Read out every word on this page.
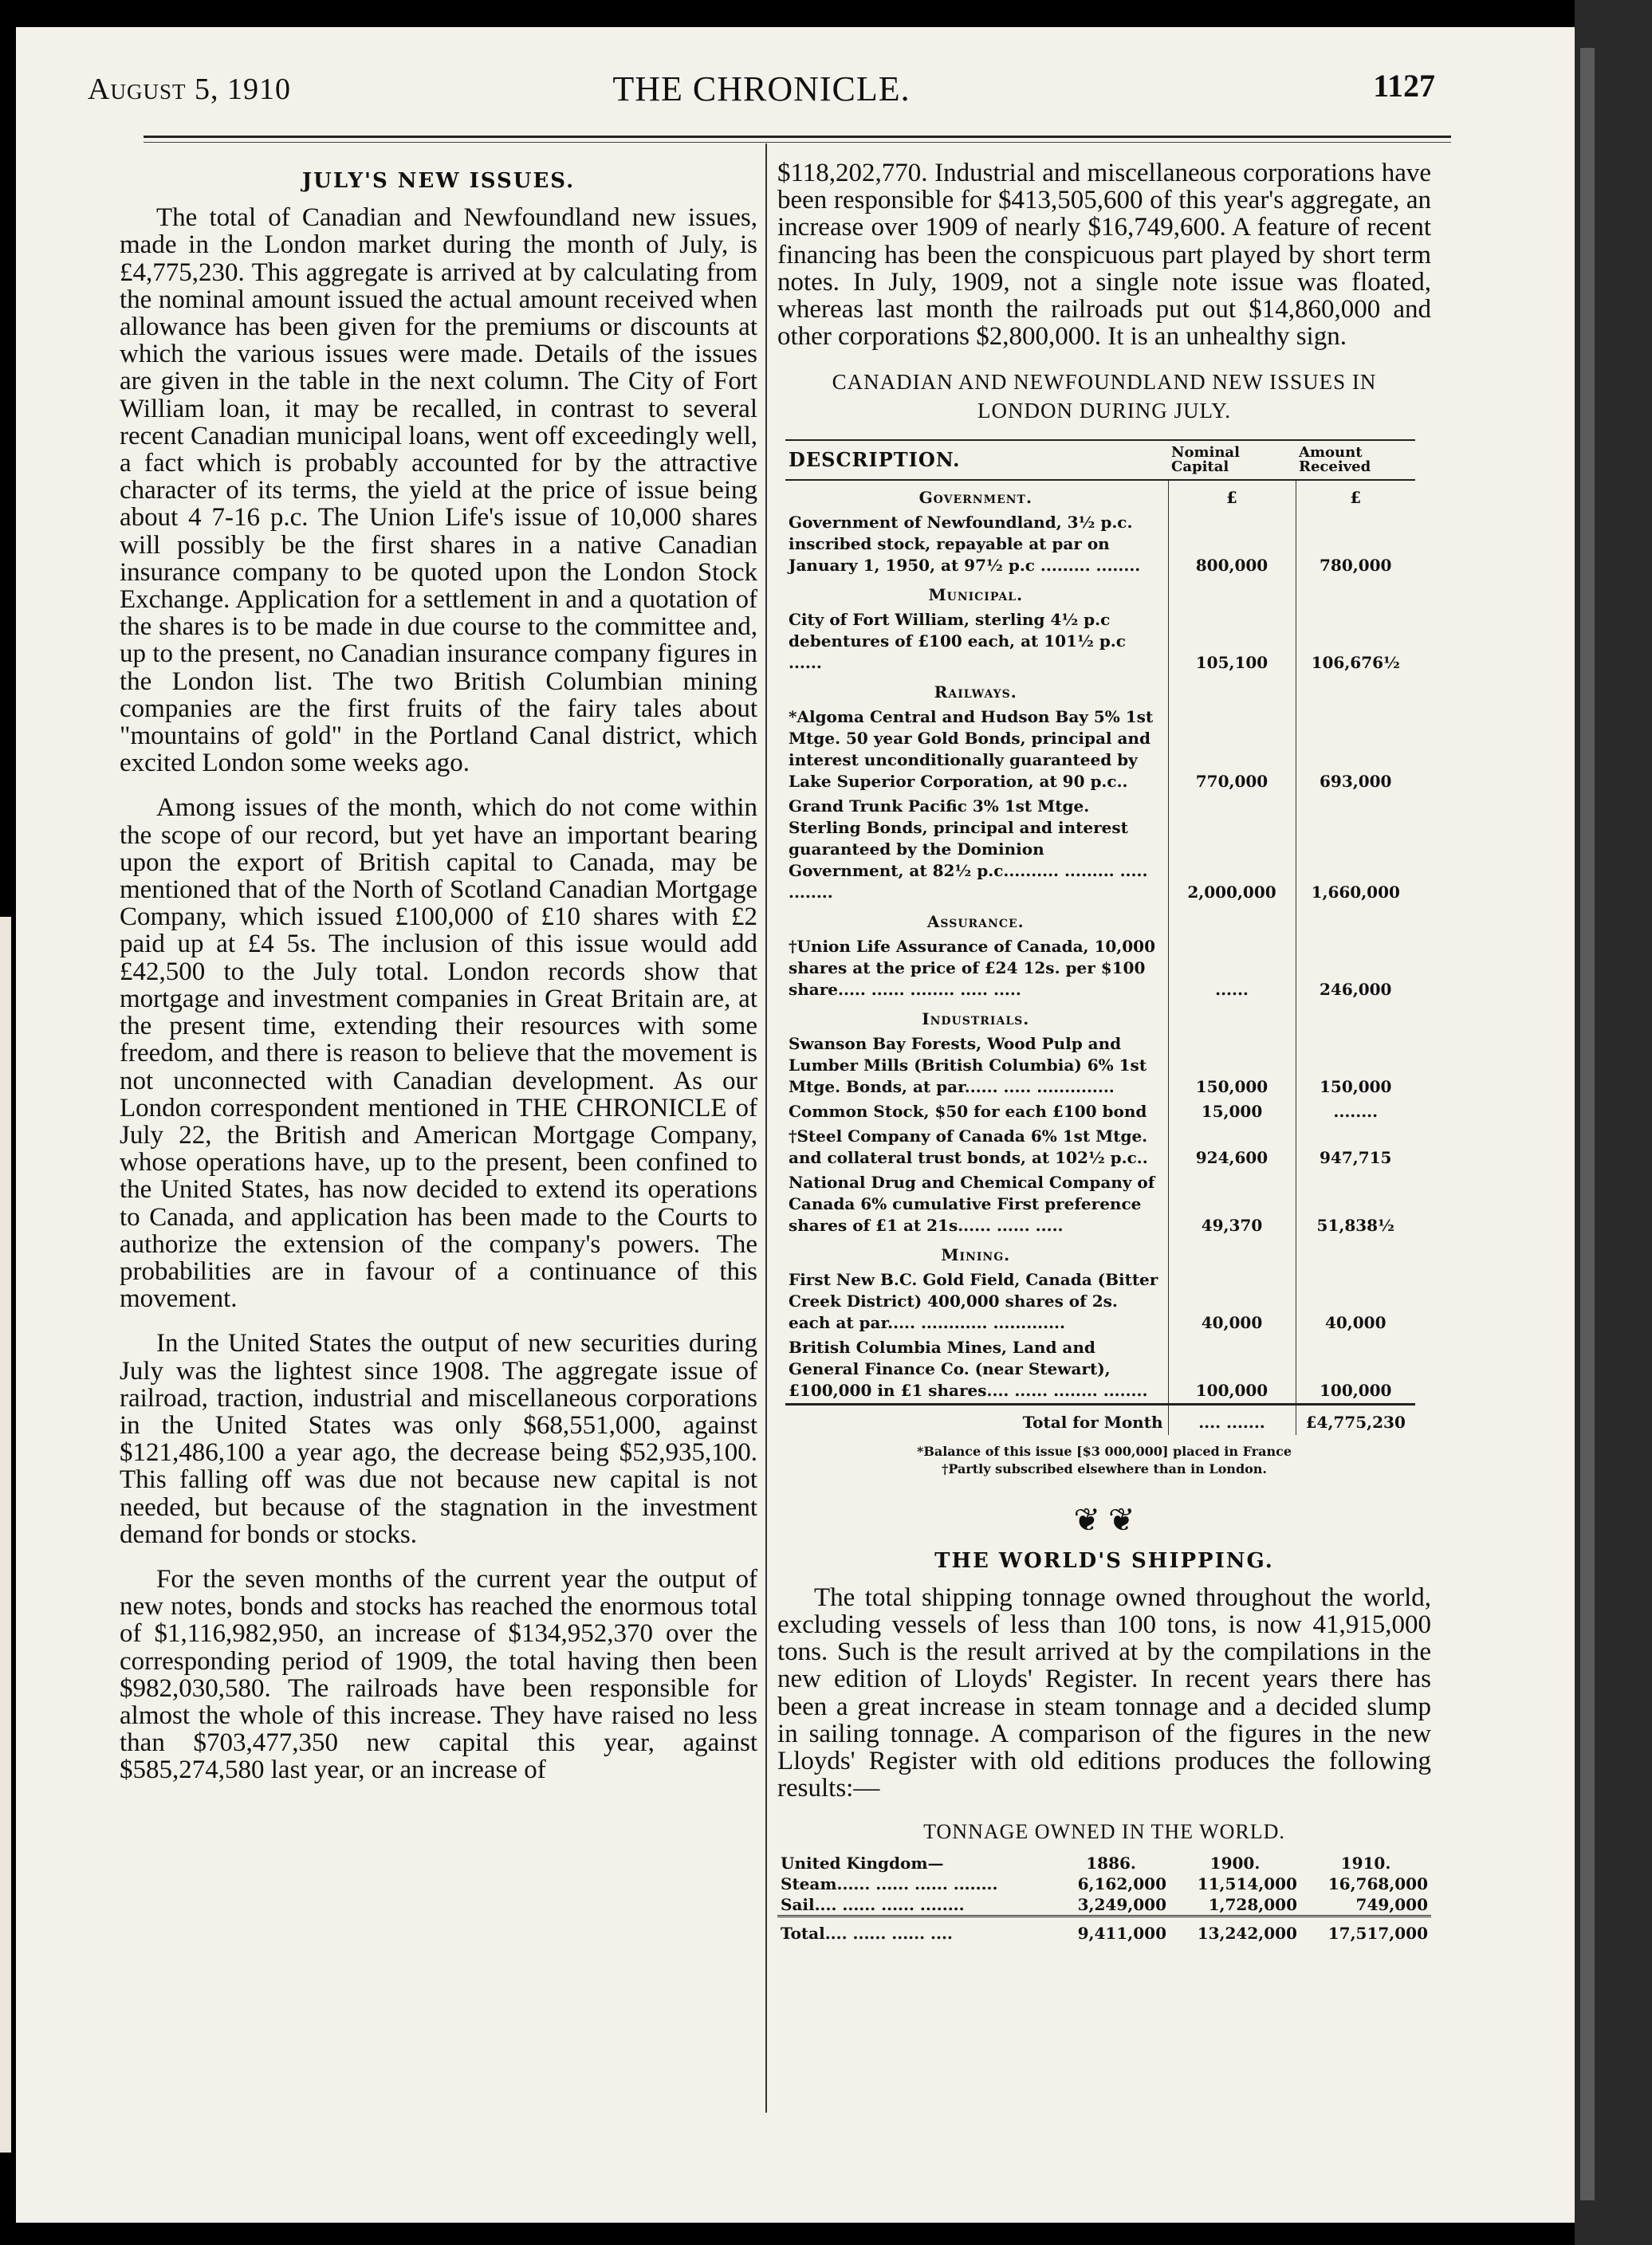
August 5, 1910	THE CHRONICLE.	1127
JULY'S NEW ISSUES.

The total of Canadian and Newfoundland new issues, made in the London market during the month of July, is £4,775,230. This aggregate is arrived at by calculating from the nominal amount issued the actual amount received when allowance has been given for the premiums or discounts at which the various issues were made. Details of the issues are given in the table in the next column. The City of Fort William loan, it may be recalled, in contrast to several recent Canadian municipal loans, went off exceedingly well, a fact which is probably accounted for by the attractive character of its terms, the yield at the price of issue being about 4 7-16 p.c. The Union Life's issue of 10,000 shares will possibly be the first shares in a native Canadian insurance company to be quoted upon the London Stock Exchange. Application for a settlement in and a quotation of the shares is to be made in due course to the committee and, up to the present, no Canadian insurance company figures in the London list. The two British Columbian mining companies are the first fruits of the fairy tales about "mountains of gold" in the Portland Canal district, which excited London some weeks ago.

Among issues of the month, which do not come within the scope of our record, but yet have an important bearing upon the export of British capital to Canada, may be mentioned that of the North of Scotland Canadian Mortgage Company, which issued £100,000 of £10 shares with £2 paid up at £4 5s. The inclusion of this issue would add £42,500 to the July total. London records show that mortgage and investment companies in Great Britain are, at the present time, extending their resources with some freedom, and there is reason to believe that the movement is not unconnected with Canadian development. As our London correspondent mentioned in THE CHRONICLE of July 22, the British and American Mortgage Company, whose operations have, up to the present, been confined to the United States, has now decided to extend its operations to Canada, and application has been made to the Courts to authorize the extension of the company's powers. The probabilities are in favour of a continuance of this movement.

In the United States the output of new securities during July was the lightest since 1908. The aggregate issue of railroad, traction, industrial and miscellaneous corporations in the United States was only $68,551,000, against $121,486,100 a year ago, the decrease being $52,935,100. This falling off was due not because new capital is not needed, but because of the stagnation in the investment demand for bonds or stocks.

For the seven months of the current year the output of new notes, bonds and stocks has reached the enormous total of $1,116,982,950, an increase of $134,952,370 over the corresponding period of 1909, the total having then been $982,030,580. The railroads have been responsible for almost the whole of this increase. They have raised no less than $703,477,350 new capital this year, against $585,274,580 last year, or an increase of

$118,202,770. Industrial and miscellaneous corporations have been responsible for $413,505,600 of this year's aggregate, an increase over 1909 of nearly $16,749,600. A feature of recent financing has been the conspicuous part played by short term notes. In July, 1909, not a single note issue was floated, whereas last month the railroads put out $14,860,000 and other corporations $2,800,000. It is an unhealthy sign.

CANADIAN AND NEWFOUNDLAND NEW ISSUES IN
LONDON DURING JULY.
DESCRIPTION.	Nominal Capital	Amount Received
Government.	£	£
Government of Newfoundland, 3½ p.c. inscribed stock, repayable at par on January 1, 1950, at 97½ p.c ......... ........	800,000	780,000
Municipal.		
City of Fort William, sterling 4½ p.c debentures of £100 each, at 101½ p.c ......	105,100	106,676½
Railways.		
*Algoma Central and Hudson Bay 5% 1st Mtge. 50 year Gold Bonds, principal and interest unconditionally guaranteed by Lake Superior Corporation, at 90 p.c..	770,000	693,000
Grand Trunk Pacific 3% 1st Mtge. Sterling Bonds, principal and interest guaranteed by the Dominion Government, at 82½ p.c.......... ......... ..... ........	2,000,000	1,660,000
Assurance.		
†Union Life Assurance of Canada, 10,000 shares at the price of £24 12s. per $100 share..... ...... ........ ..... .....	......	246,000
Industrials.		
Swanson Bay Forests, Wood Pulp and Lumber Mills (British Columbia) 6% 1st Mtge. Bonds, at par...... ..... ..............	150,000	150,000
Common Stock, $50 for each £100 bond	15,000	........
†Steel Company of Canada 6% 1st Mtge. and collateral trust bonds, at 102½ p.c..	924,600	947,715
National Drug and Chemical Company of Canada 6% cumulative First preference shares of £1 at 21s...... ...... .....	49,370	51,838½
Mining.		
First New B.C. Gold Field, Canada (Bitter Creek District) 400,000 shares of 2s. each at par..... ............ .............	40,000	40,000
British Columbia Mines, Land and General Finance Co. (near Stewart), £100,000 in £1 shares.... ...... ........ ........	100,000	100,000
Total for Month	.... .......	£4,775,230
*Balance of this issue [$3 000,000] placed in France
†Partly subscribed elsewhere than in London.
❦ ❦
THE WORLD'S SHIPPING.

The total shipping tonnage owned throughout the world, excluding vessels of less than 100 tons, is now 41,915,000 tons. Such is the result arrived at by the compilations in the new edition of Lloyds' Register. In recent years there has been a great increase in steam tonnage and a decided slump in sailing tonnage. A comparison of the figures in the new Lloyds' Register with old editions produces the following results:—

TONNAGE OWNED IN THE WORLD.
United Kingdom—	1886.	1900.	1910.
Steam...... ...... ...... ........	6,162,000	11,514,000	16,768,000
Sail.... ...... ...... ........	3,249,000	1,728,000	749,000
Total.... ...... ...... ....	9,411,000	13,242,000	17,517,000
